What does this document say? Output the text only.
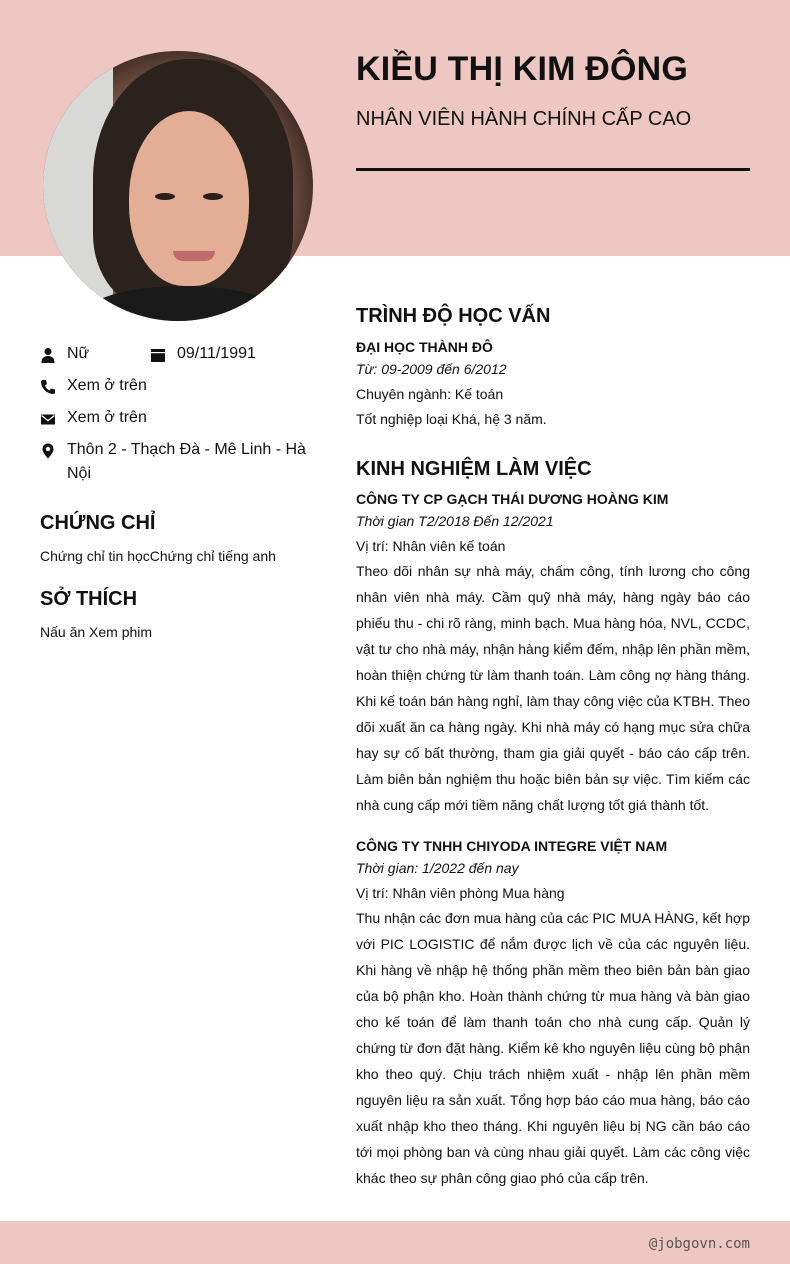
KIỀU THỊ KIM ĐÔNG
NHÂN VIÊN HÀNH CHÍNH CẤP CAO
Nữ	09/11/1991
Xem ở trên
Xem ở trên
Thôn 2 - Thạch Đà - Mê Linh - Hà Nội
CHỨNG CHỈ
Chứng chỉ tin họcChứng chỉ tiếng anh
SỞ THÍCH
Nấu ăn Xem phim
TRÌNH ĐỘ HỌC VẤN

ĐẠI HỌC THÀNH ĐÔ

Từ: 09-2009 đến 6/2012

Chuyên ngành: Kế toán

Tốt nghiệp loại Khá, hệ 3 năm.

KINH NGHIỆM LÀM VIỆC

CÔNG TY CP GẠCH THÁI DƯƠNG HOÀNG KIM

Thời gian T2/2018 Đến 12/2021

Vị trí: Nhân viên kế toán

Theo dõi nhân sự nhà máy, chấm công, tính lương cho công nhân viên nhà máy. Cầm quỹ nhà máy, hàng ngày báo cáo phiếu thu - chi rõ ràng, minh bạch. Mua hàng hóa, NVL, CCDC, vật tư cho nhà máy, nhận hàng kiểm đếm, nhập lên phần mềm, hoàn thiện chứng từ làm thanh toán. Làm công nợ hàng tháng. Khi kế toán bán hàng nghỉ, làm thay công việc của KTBH. Theo dõi xuất ăn ca hàng ngày. Khi nhà máy có hạng mục sửa chữa hay sự cố bất thường, tham gia giải quyết - báo cáo cấp trên. Làm biên bản nghiệm thu hoặc biên bản sự việc. Tìm kiếm các nhà cung cấp mới tiềm năng chất lượng tốt giá thành tốt.

CÔNG TY TNHH CHIYODA INTEGRE VIỆT NAM

Thời gian: 1/2022 đến nay

Vị trí: Nhân viên phòng Mua hàng

Thu nhận các đơn mua hàng của các PIC MUA HÀNG, kết hợp với PIC LOGISTIC để nắm được lịch về của các nguyên liệu. Khi hàng về nhập hệ thống phần mềm theo biên bản bàn giao của bộ phận kho. Hoàn thành chứng từ mua hàng và bàn giao cho kế toán để làm thanh toán cho nhà cung cấp. Quản lý chứng từ đơn đặt hàng. Kiểm kê kho nguyên liệu cùng bộ phận kho theo quý. Chịu trách nhiệm xuất - nhập lên phần mềm nguyên liệu ra sản xuất. Tổng hợp báo cáo mua hàng, báo cáo xuất nhập kho theo tháng. Khi nguyên liệu bị NG cần báo cáo tới mọi phòng ban và cùng nhau giải quyết. Làm các công việc khác theo sự phân công giao phó của cấp trên.

@jobgovn.com
